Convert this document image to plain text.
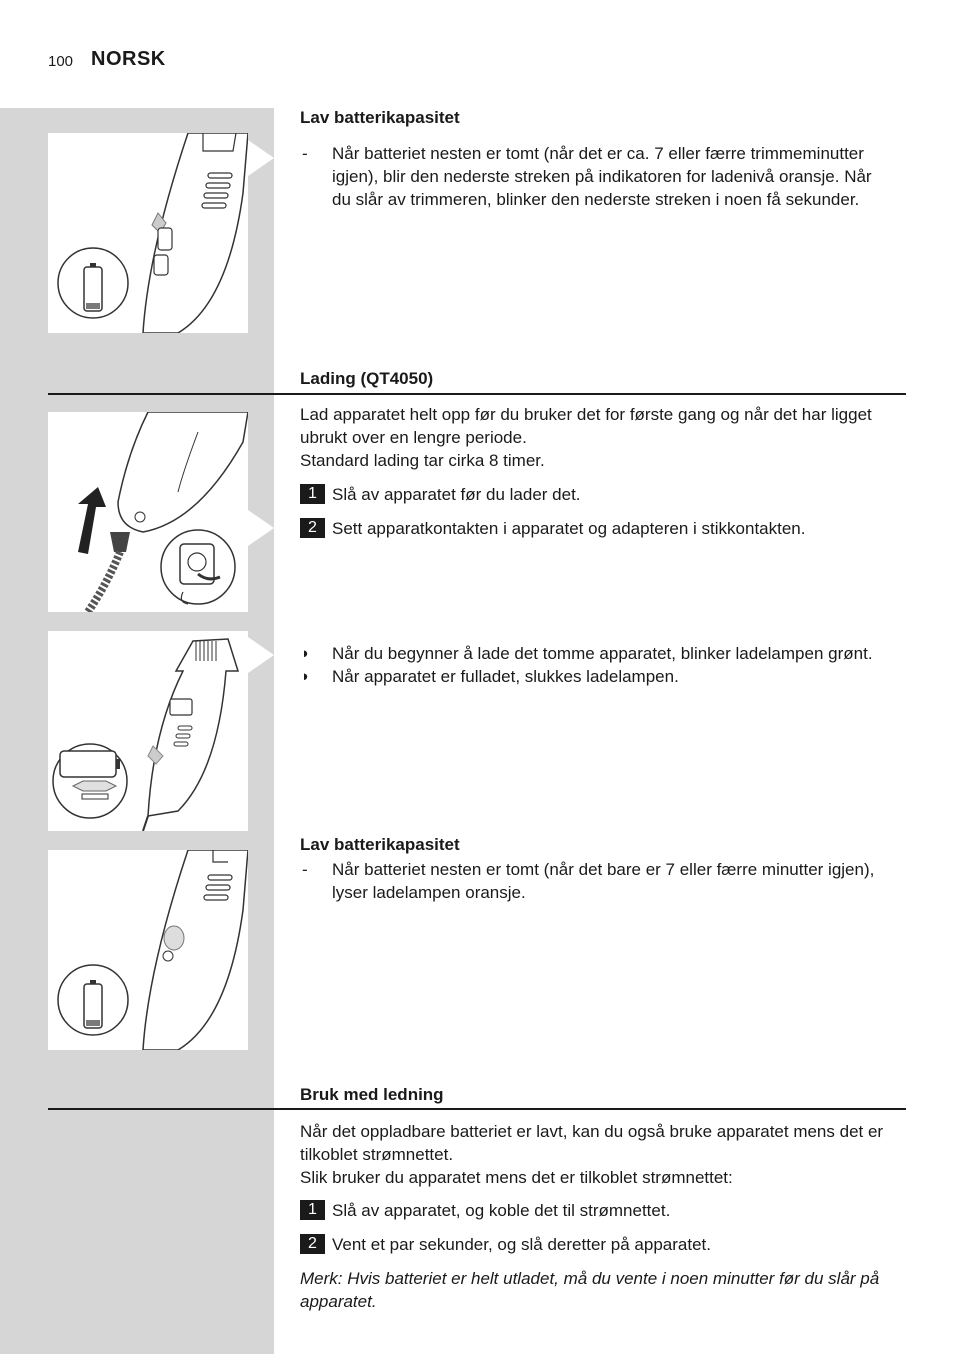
100 NORSK
Lav batterikapasitet

- Når batteriet nesten er tomt (når det er ca. 7 eller færre trimmeminutter igjen), blir den nederste streken på indikatoren for ladenivå oransje. Når du slår av trimmeren, blinker den nederste streken i noen få sekunder.

Lading (QT4050)

Lad apparatet helt opp før du bruker det for første gang og når det har ligget ubrukt over en lengre periode.

Standard lading tar cirka 8 timer.

1 Slå av apparatet før du lader det.

2 Sett apparatkontakten i apparatet og adapteren i stikkontakten.

◗ Når du begynner å lade det tomme apparatet, blinker ladelampen grønt.

◗ Når apparatet er fulladet, slukkes ladelampen.

Lav batterikapasitet

- Når batteriet nesten er tomt (når det bare er 7 eller færre minutter igjen), lyser ladelampen oransje.

Bruk med ledning

Når det oppladbare batteriet er lavt, kan du også bruke apparatet mens det er tilkoblet strømnettet.

Slik bruker du apparatet mens det er tilkoblet strømnettet:

1 Slå av apparatet, og koble det til strømnettet.

2 Vent et par sekunder, og slå deretter på apparatet.

Merk: Hvis batteriet er helt utladet, må du vente i noen minutter før du slår på apparatet.
